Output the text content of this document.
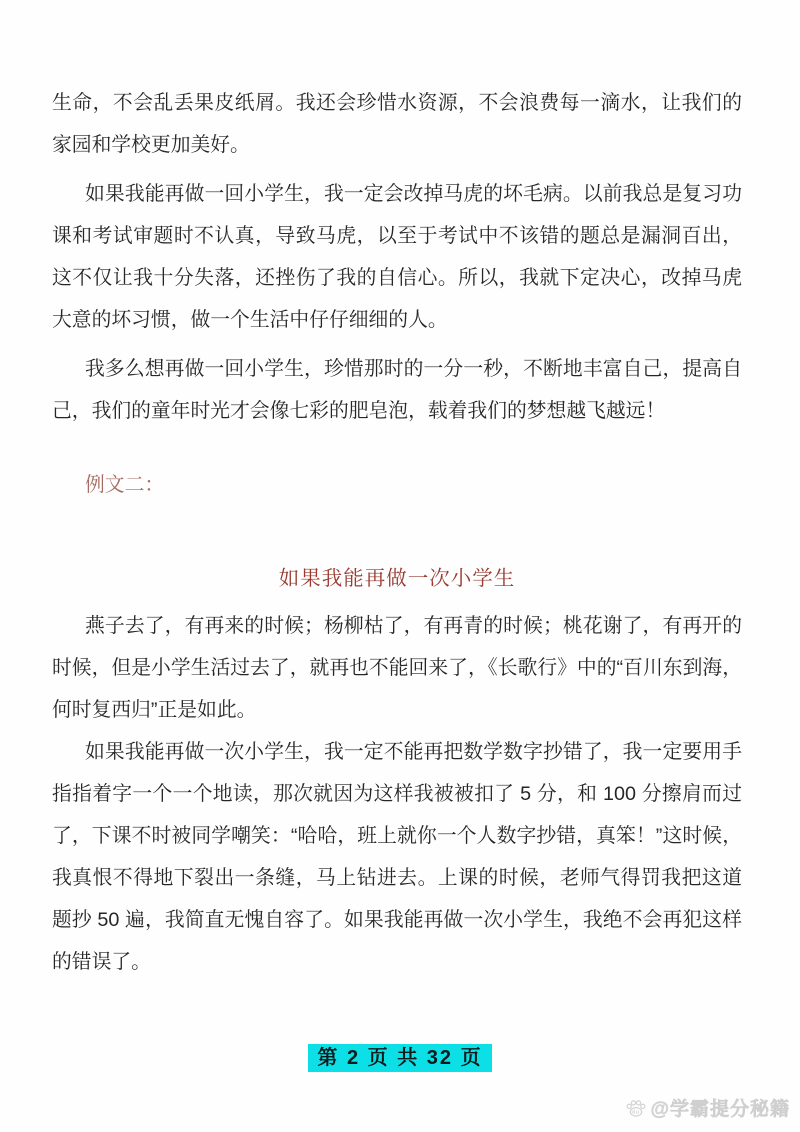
生命，不会乱丢果皮纸屑。我还会珍惜水资源，不会浪费每一滴水，让我们的家园和学校更加美好。

如果我能再做一回小学生，我一定会改掉马虎的坏毛病。以前我总是复习功课和考试审题时不认真，导致马虎，以至于考试中不该错的题总是漏洞百出，这不仅让我十分失落，还挫伤了我的自信心。所以，我就下定决心，改掉马虎大意的坏习惯，做一个生活中仔仔细细的人。

我多么想再做一回小学生，珍惜那时的一分一秒，不断地丰富自己，提高自己，我们的童年时光才会像七彩的肥皂泡，载着我们的梦想越飞越远！

例文二：
如果我能再做一次小学生

燕子去了，有再来的时候；杨柳枯了，有再青的时候；桃花谢了，有再开的时候，但是小学生活过去了，就再也不能回来了，《长歌行》中的“百川东到海，何时复西归”正是如此。

如果我能再做一次小学生，我一定不能再把数学数字抄错了，我一定要用手指指着字一个一个地读，那次就因为这样我被被扣了 5 分，和 100 分擦肩而过了，下课不时被同学嘲笑：“哈哈，班上就你一个人数字抄错，真笨！”这时候，我真恨不得地下裂出一条缝，马上钻进去。上课的时候，老师气得罚我把这道题抄 50 遍，我简直无愧自容了。如果我能再做一次小学生，我绝不会再犯这样的错误了。

第 2 页 共 32 页
du @学霸提分秘籍
